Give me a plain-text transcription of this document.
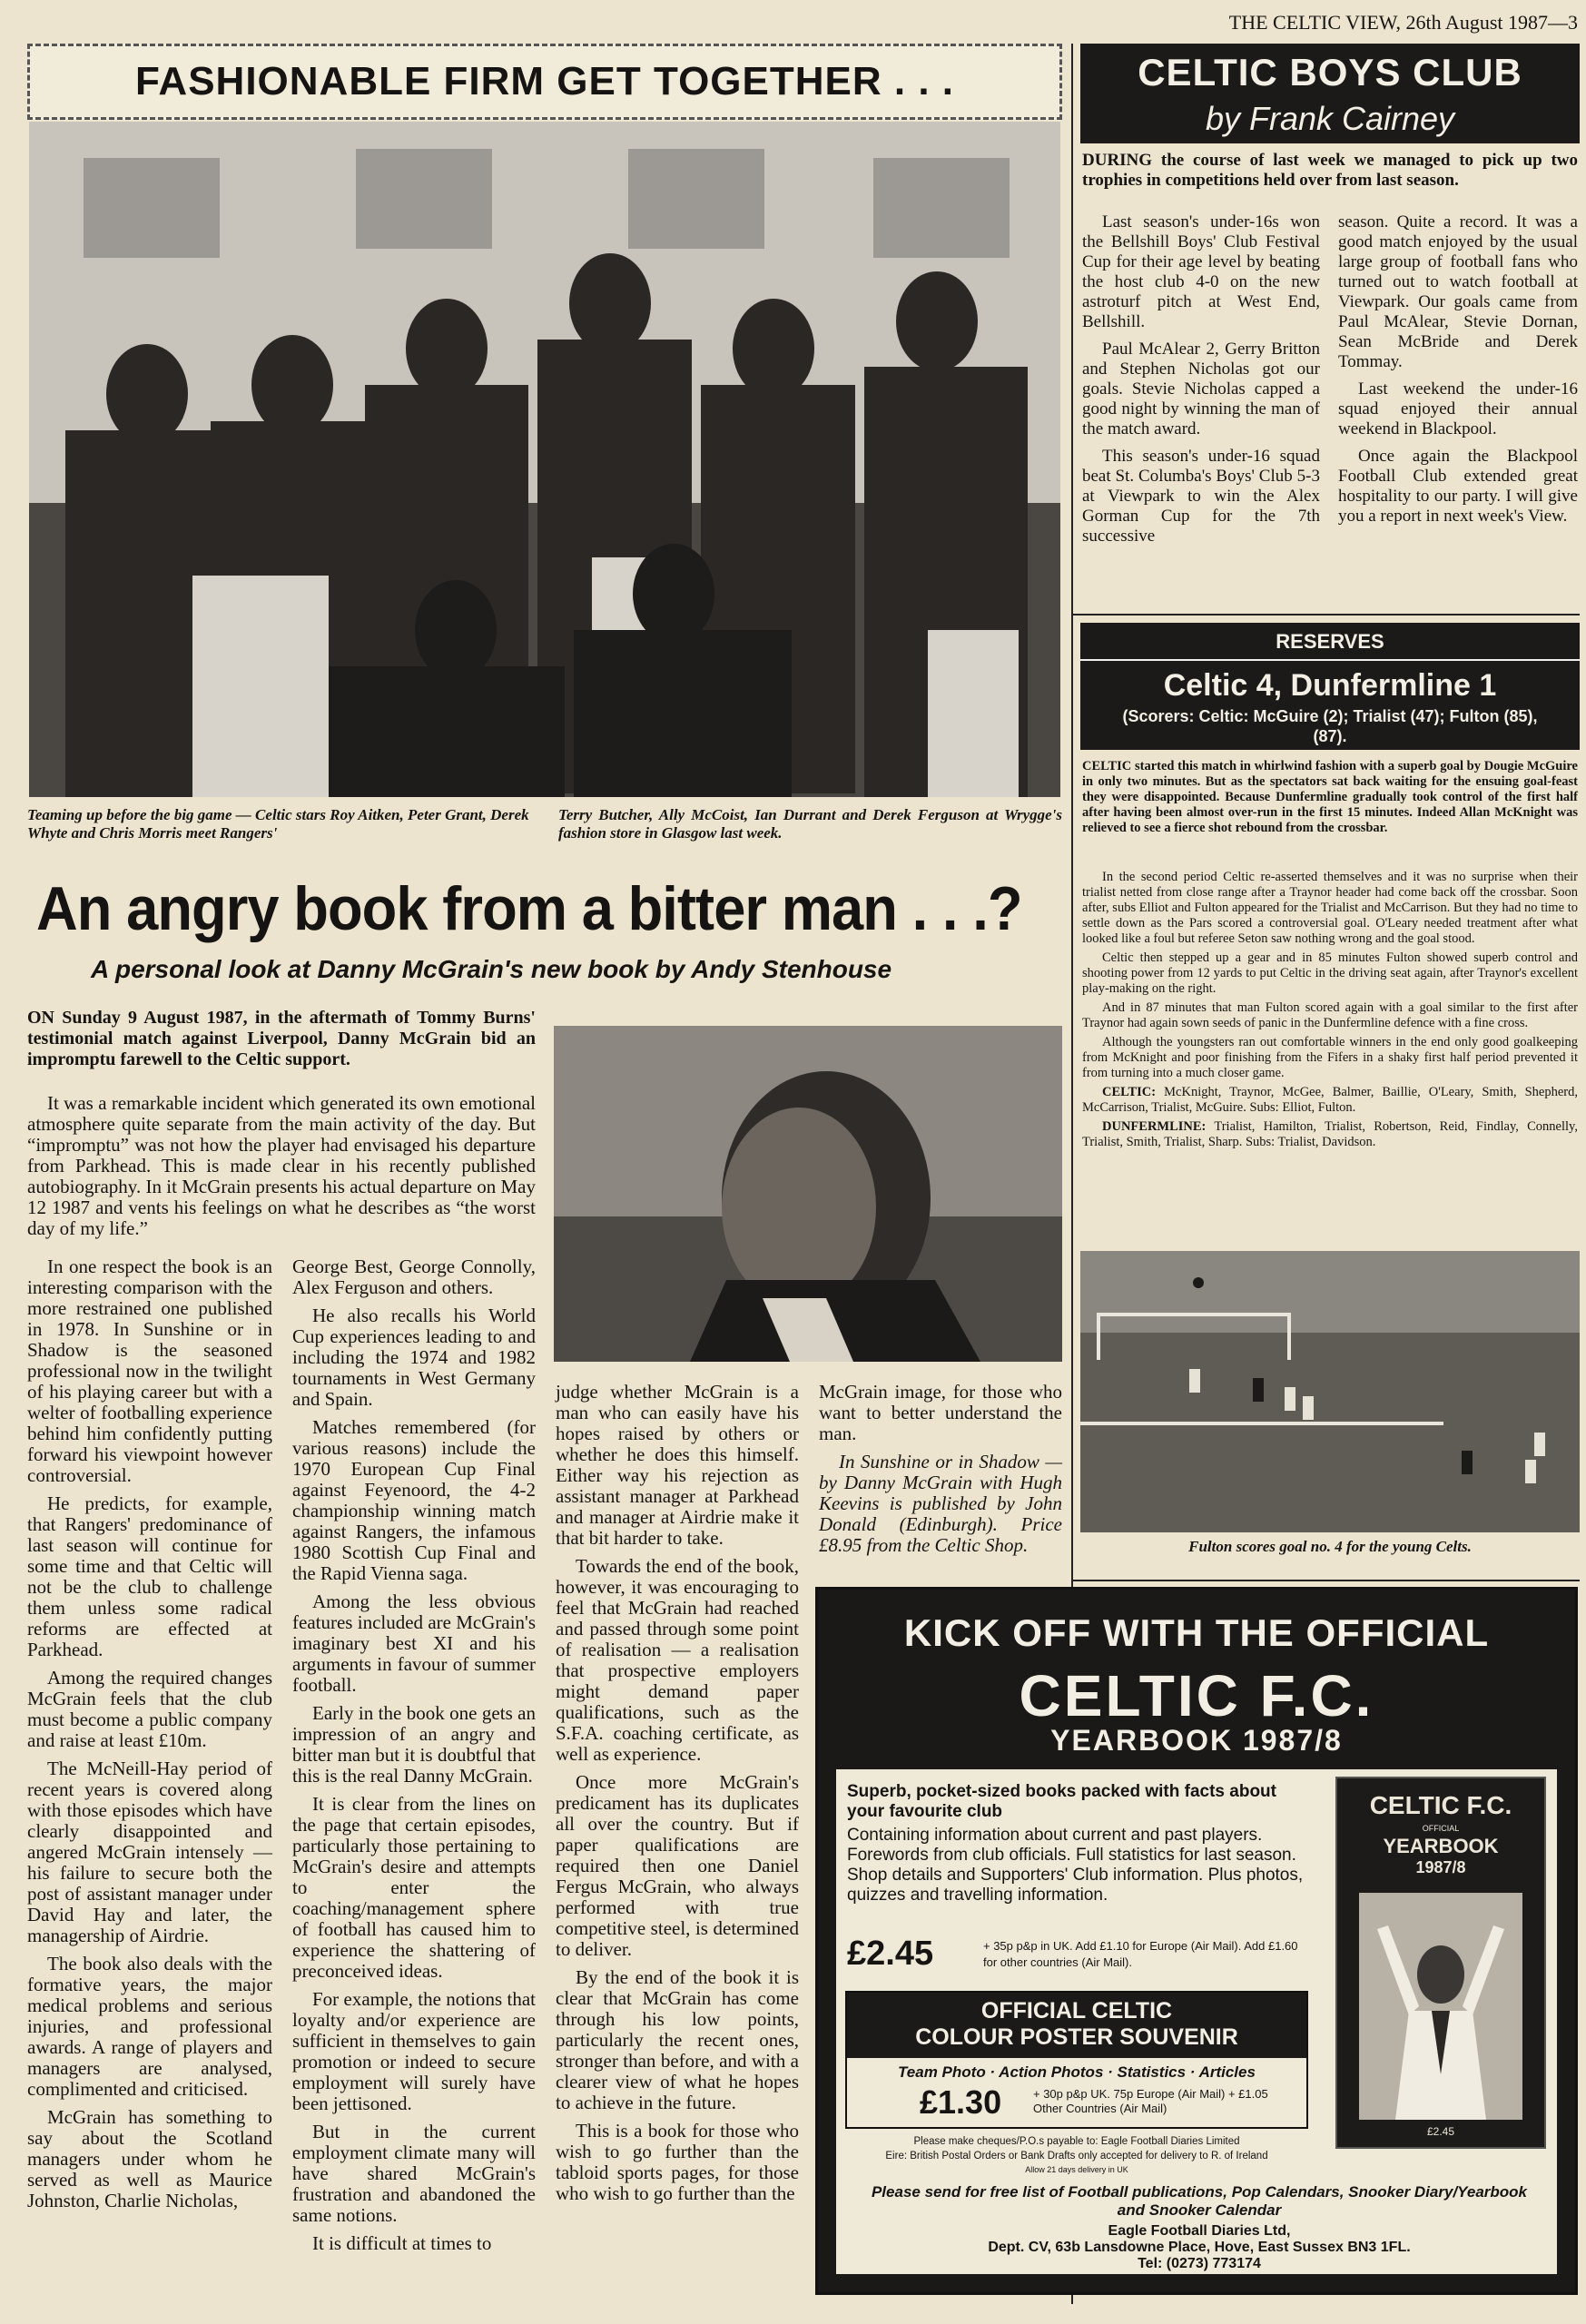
THE CELTIC VIEW, 26th August 1987—3
FASHIONABLE FIRM GET TOGETHER . . .
Teaming up before the big game — Celtic stars Roy Aitken, Peter Grant, Derek Whyte and Chris Morris meet Rangers'
Terry Butcher, Ally McCoist, Ian Durrant and Derek Ferguson at Wrygge's fashion store in Glasgow last week.
CELTIC BOYS CLUB
by Frank Cairney
DURING the course of last week we managed to pick up two trophies in competitions held over from last season.

Last season's under-16s won the Bellshill Boys' Club Festival Cup for their age level by beating the host club 4-0 on the new astroturf pitch at West End, Bellshill.

Paul McAlear 2, Gerry Britton and Stephen Nicholas got our goals. Stevie Nicholas capped a good night by winning the man of the match award.

This season's under-16 squad beat St. Columba's Boys' Club 5-3 at Viewpark to win the Alex Gorman Cup for the 7th successive

season. Quite a record. It was a good match enjoyed by the usual large group of football fans who turned out to watch football at Viewpark. Our goals came from Paul McAlear, Stevie Dornan, Sean McBride and Derek Tommay.

Last weekend the under-16 squad enjoyed their annual weekend in Blackpool.

Once again the Blackpool Football Club extended great hospitality to our party. I will give you a report in next week's View.

RESERVES
Celtic 4, Dunfermline 1
(Scorers: Celtic: McGuire (2); Trialist (47); Fulton (85), (87).
CELTIC started this match in whirlwind fashion with a superb goal by Dougie McGuire in only two minutes. But as the spectators sat back waiting for the ensuing goal-feast they were disappointed. Because Dunfermline gradually took control of the first half after having been almost over-run in the first 15 minutes. Indeed Allan McKnight was relieved to see a fierce shot rebound from the crossbar.

In the second period Celtic re-asserted themselves and it was no surprise when their trialist netted from close range after a Traynor header had come back off the crossbar. Soon after, subs Elliot and Fulton appeared for the Trialist and McCarrison. But they had no time to settle down as the Pars scored a controversial goal. O'Leary needed treatment after what looked like a foul but referee Seton saw nothing wrong and the goal stood.

Celtic then stepped up a gear and in 85 minutes Fulton showed superb control and shooting power from 12 yards to put Celtic in the driving seat again, after Traynor's excellent play-making on the right.

And in 87 minutes that man Fulton scored again with a goal similar to the first after Traynor had again sown seeds of panic in the Dunfermline defence with a fine cross.

Although the youngsters ran out comfortable winners in the end only good goalkeeping from McKnight and poor finishing from the Fifers in a shaky first half period prevented it from turning into a much closer game.

CELTIC: McKnight, Traynor, McGee, Balmer, Baillie, O'Leary, Smith, Shepherd, McCarrison, Trialist, McGuire. Subs: Elliot, Fulton.

DUNFERMLINE: Trialist, Hamilton, Trialist, Robertson, Reid, Findlay, Connelly, Trialist, Smith, Trialist, Sharp. Subs: Trialist, Davidson.

Fulton scores goal no. 4 for the young Celts.
An angry book from a bitter man . . .?
A personal look at Danny McGrain's new book by Andy Stenhouse
ON Sunday 9 August 1987, in the aftermath of Tommy Burns' testimonial match against Liverpool, Danny McGrain bid an impromptu farewell to the Celtic support.

It was a remarkable incident which generated its own emotional atmosphere quite separate from the main activity of the day. But “impromptu” was not how the player had envisaged his departure from Parkhead. This is made clear in his recently published autobiography. In it McGrain presents his actual departure on May 12 1987 and vents his feelings on what he describes as “the worst day of my life.”

In one respect the book is an interesting comparison with the more restrained one published in 1978. In Sunshine or in Shadow is the seasoned professional now in the twilight of his playing career but with a welter of footballing experience behind him confidently putting forward his viewpoint however controversial.

He predicts, for example, that Rangers' predominance of last season will continue for some time and that Celtic will not be the club to challenge them unless some radical reforms are effected at Parkhead.

Among the required changes McGrain feels that the club must become a public company and raise at least £10m.

The McNeill-Hay period of recent years is covered along with those episodes which have clearly disappointed and angered McGrain intensely — his failure to secure both the post of assistant manager under David Hay and later, the managership of Airdrie.

The book also deals with the formative years, the major medical problems and serious injuries, and professional awards. A range of players and managers are analysed, complimented and criticised.

McGrain has something to say about the Scotland managers under whom he served as well as Maurice Johnston, Charlie Nicholas,

George Best, George Connolly, Alex Ferguson and others.

He also recalls his World Cup experiences leading to and including the 1974 and 1982 tournaments in West Germany and Spain.

Matches remembered (for various reasons) include the 1970 European Cup Final against Feyenoord, the 4-2 championship winning match against Rangers, the infamous 1980 Scottish Cup Final and the Rapid Vienna saga.

Among the less obvious features included are McGrain's imaginary best XI and his arguments in favour of summer football.

Early in the book one gets an impression of an angry and bitter man but it is doubtful that this is the real Danny McGrain.

It is clear from the lines on the page that certain episodes, particularly those pertaining to McGrain's desire and attempts to enter the coaching/management sphere of football has caused him to experience the shattering of preconceived ideas.

For example, the notions that loyalty and/or experience are sufficient in themselves to gain promotion or indeed to secure employment will surely have been jettisoned.

But in the current employment climate many will have shared McGrain's frustration and abandoned the same notions.

It is difficult at times to

judge whether McGrain is a man who can easily have his hopes raised by others or whether he does this himself. Either way his rejection as assistant manager at Parkhead and manager at Airdrie make it that bit harder to take.

Towards the end of the book, however, it was encouraging to feel that McGrain had reached and passed through some point of realisation — a realisation that prospective employers might demand paper qualifications, such as the S.F.A. coaching certificate, as well as experience.

Once more McGrain's predicament has its duplicates all over the country. But if paper qualifications are required then one Daniel Fergus McGrain, who always performed with true competitive steel, is determined to deliver.

By the end of the book it is clear that McGrain has come through his low points, particularly the recent ones, stronger than before, and with a clearer view of what he hopes to achieve in the future.

This is a book for those who wish to go further than the tabloid sports pages, for those who wish to go further than the

McGrain image, for those who want to better understand the man.

In Sunshine or in Shadow — by Danny McGrain with Hugh Keevins is published by John Donald (Edinburgh). Price £8.95 from the Celtic Shop.

KICK OFF WITH THE OFFICIAL
CELTIC F.C.
YEARBOOK 1987/8
Superb, pocket-sized books packed with facts about your favourite club
Containing information about current and past players. Forewords from club officials. Full statistics for last season. Shop details and Supporters' Club information. Plus photos, quizzes and travelling information.
£2.45	+ 35p p&p in UK. Add £1.10 for Europe (Air Mail). Add £1.60 for other countries (Air Mail).
OFFICIAL CELTIC
COLOUR POSTER SOUVENIR
Team Photo · Action Photos · Statistics · Articles
£1.30	+ 30p p&p UK. 75p Europe (Air Mail) + £1.05 Other Countries (Air Mail)
Please make cheques/P.O.s payable to: Eagle Football Diaries Limited
Eire: British Postal Orders or Bank Drafts only accepted for delivery to R. of Ireland
Allow 21 days delivery in UK
Please send for free list of Football publications, Pop Calendars, Snooker Diary/Yearbook and Snooker Calendar
Eagle Football Diaries Ltd,
Dept. CV, 63b Lansdowne Place, Hove, East Sussex BN3 1FL.
Tel: (0273) 773174
CELTIC F.C.
OFFICIAL
YEARBOOK
1987/8
£2.45
